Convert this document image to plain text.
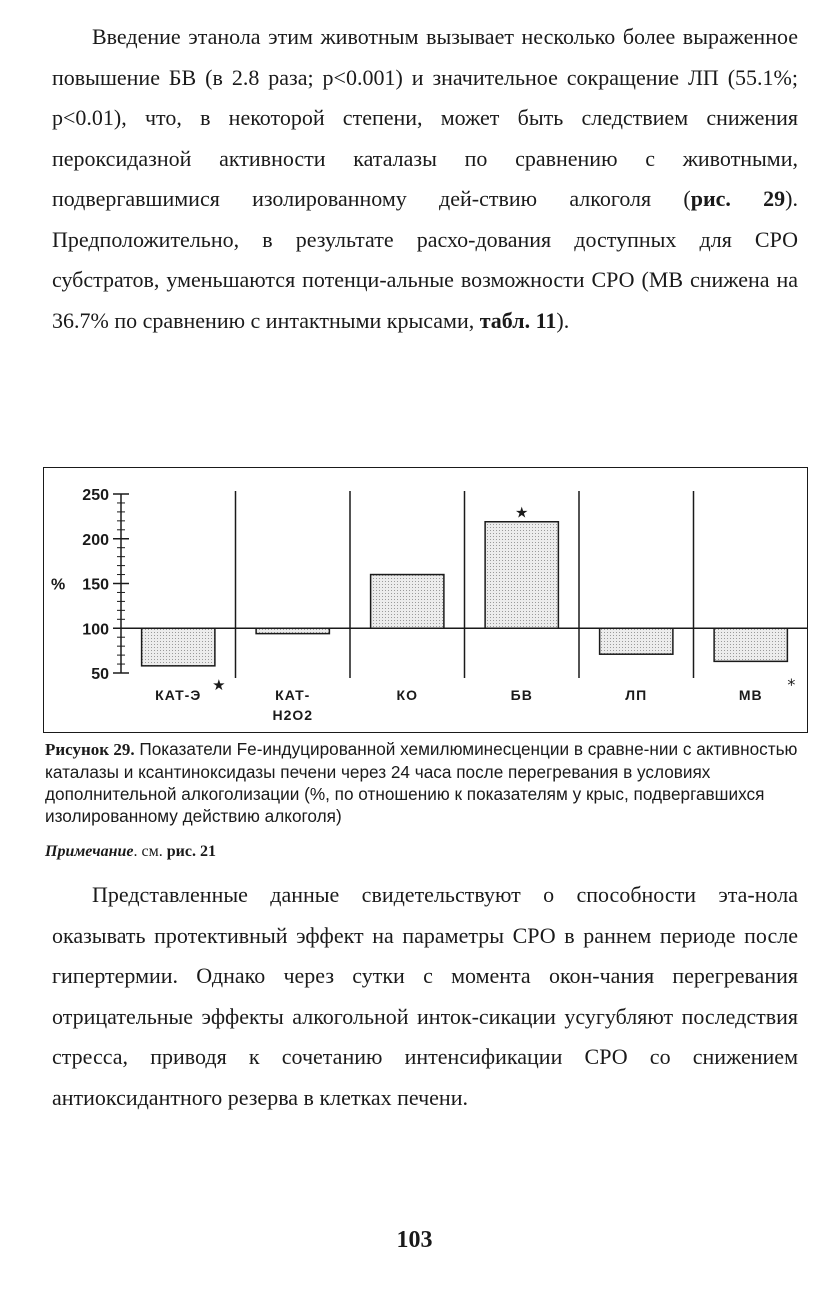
Введение этанола этим животным вызывает несколько более выраженное повышение БВ (в 2.8 раза; р<0.001) и значительное сокращение ЛП (55.1%; р<0.01), что, в некоторой степени, может быть следствием снижения пероксидазной активности каталазы по сравнению с животными, подвергавшимися изолированному дей-ствию алкоголя (рис. 29). Предположительно, в результате расхо-дования доступных для СРО субстратов, уменьшаются потенци-альные возможности СРО (МВ снижена на 36.7% по сравнению с интактными крысами, табл. 11).

50
100
150
200
250
%
КАТ-Э	КАТ-
Н2О2
КО	БВ	ЛП	МВ
★
★
*

Рисунок 29. Показатели Fe-индуцированной хемилюминесценции в сравне-нии с активностью каталазы и ксантиноксидазы печени через 24 часа после перегревания в условиях дополнительной алкоголизации (%, по отношению к показателям у крыс, подвергавшихся изолированному действию алкоголя)

Примечание. см. рис. 21

Представленные данные свидетельствуют о способности эта-нола оказывать протективный эффект на параметры СРО в раннем периоде после гипертермии. Однако через сутки с момента окон-чания перегревания отрицательные эффекты алкогольной инток-сикации усугубляют последствия стресса, приводя к сочетанию интенсификации СРО со снижением антиоксидантного резерва в клетках печени.

103
